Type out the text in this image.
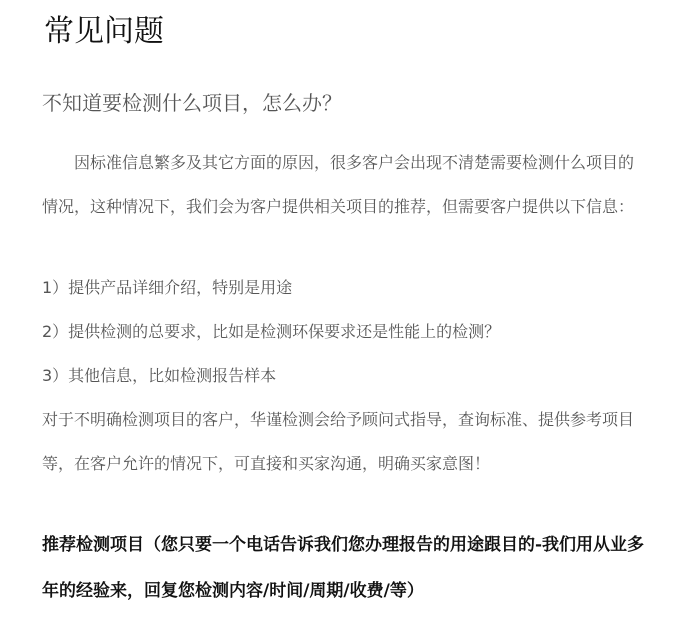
常见问题
不知道要检测什么项目，怎么办？
因标准信息繁多及其它方面的原因，很多客户会出现不清楚需要检测什么项目的情况，这种情况下，我们会为客户提供相关项目的推荐，但需要客户提供以下信息：
1）提供产品详细介绍，特别是用途
2）提供检测的总要求，比如是检测环保要求还是性能上的检测？
3）其他信息，比如检测报告样本
对于不明确检测项目的客户，华谨检测会给予顾问式指导，查询标准、提供参考项目等，在客户允许的情况下，可直接和买家沟通，明确买家意图！
推荐检测项目（您只要一个电话告诉我们您办理报告的用途跟目的-我们用从业多年的经验来，回复您检测内容/时间/周期/收费/等）
